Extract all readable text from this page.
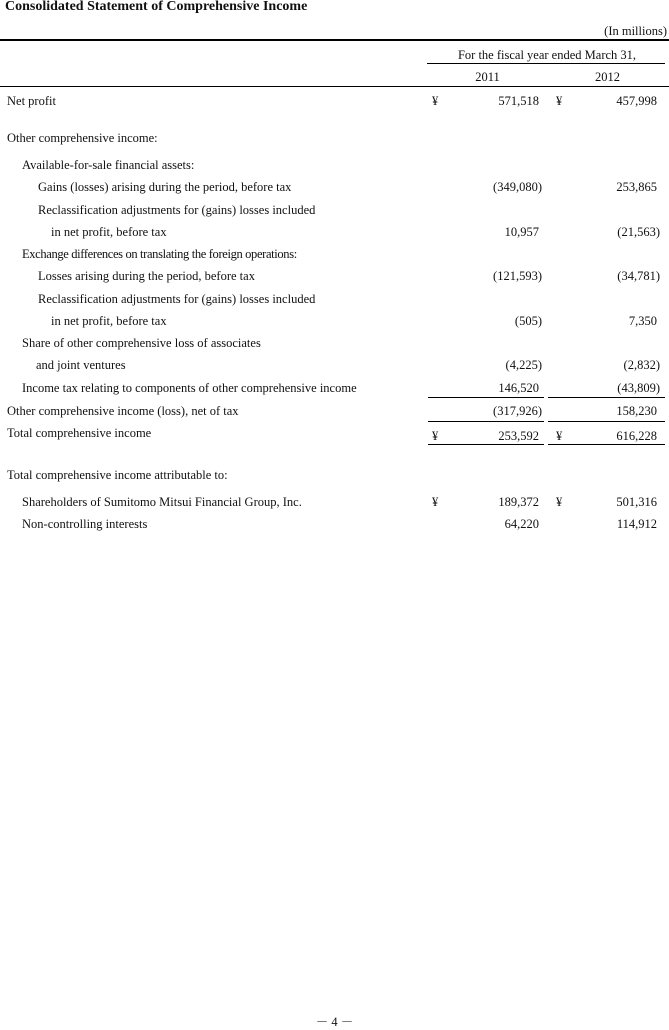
Consolidated Statement of Comprehensive Income
(In millions)
For the fiscal year ended March 31,
2011	2012
Net profit	¥	571,518 ¥	457,998
Other comprehensive income:
Available-for-sale financial assets:
Gains (losses) arising during the period, before tax	(349,080)	253,865
Reclassification adjustments for (gains) losses included
in net profit, before tax	10,957	(21,563)
Exchange differences on translating the foreign operations:
Losses arising during the period, before tax	(121,593)	(34,781)
Reclassification adjustments for (gains) losses included
in net profit, before tax	(505)	7,350
Share of other comprehensive loss of associates
and joint ventures	(4,225)	(2,832)
Income tax relating to components of other comprehensive income	146,520	(43,809)
Other comprehensive income (loss), net of tax	(317,926)	158,230
Total comprehensive income	¥	253,592 ¥	616,228
Total comprehensive income attributable to:
Shareholders of Sumitomo Mitsui Financial Group, Inc.	¥	189,372 ¥	501,316
Non-controlling interests	64,220	114,912
－ 4 －
